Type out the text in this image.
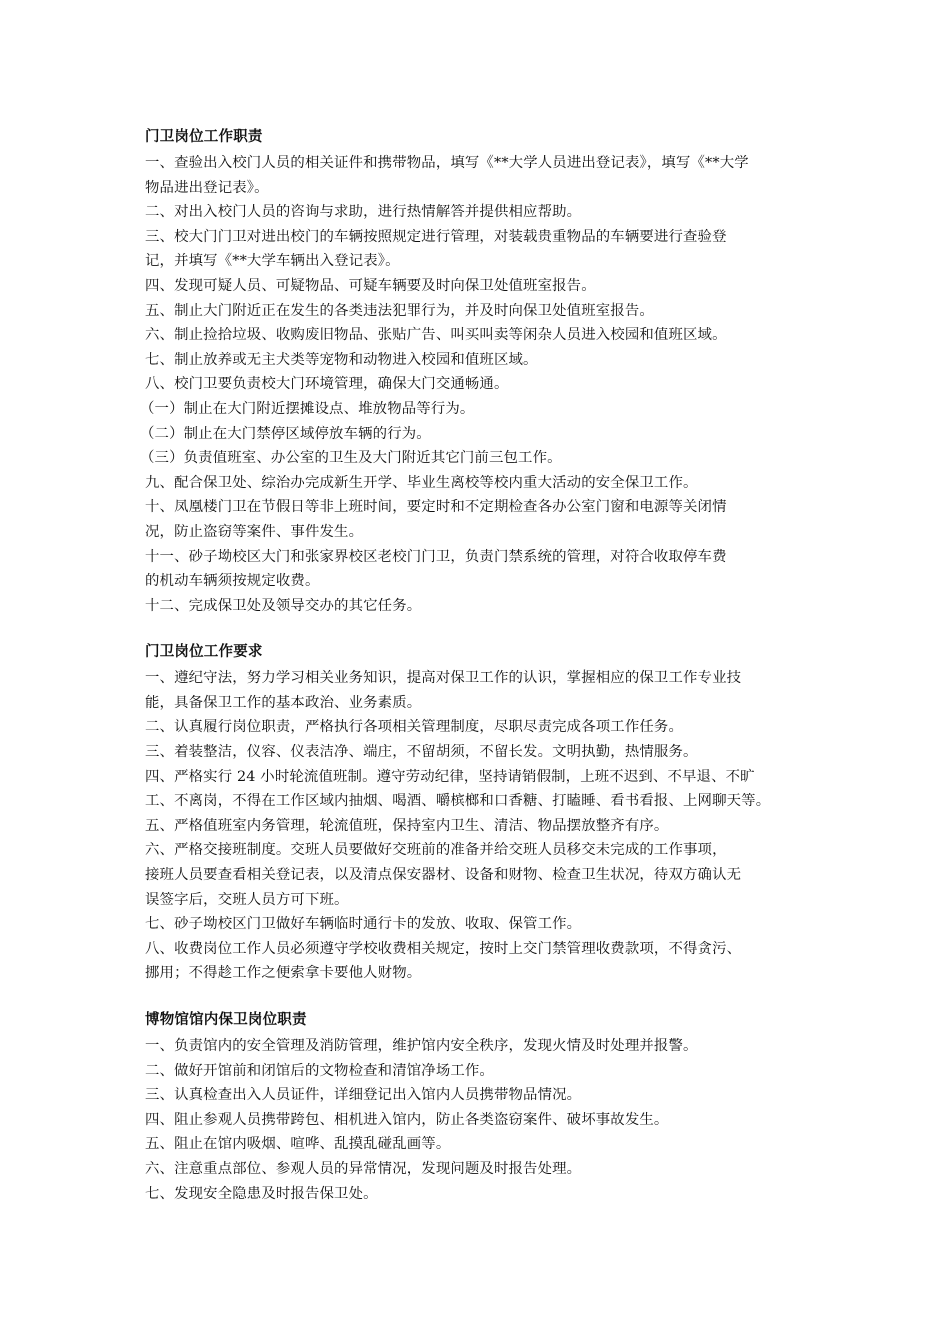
门卫岗位工作职责
一、查验出入校门人员的相关证件和携带物品，填写《**大学人员进出登记表》，填写《**大学
物品进出登记表》。
二、对出入校门人员的咨询与求助，进行热情解答并提供相应帮助。
三、校大门门卫对进出校门的车辆按照规定进行管理，对装载贵重物品的车辆要进行查验登
记，并填写《**大学车辆出入登记表》。
四、发现可疑人员、可疑物品、可疑车辆要及时向保卫处值班室报告。
五、制止大门附近正在发生的各类违法犯罪行为，并及时向保卫处值班室报告。
六、制止捡拾垃圾、收购废旧物品、张贴广告、叫买叫卖等闲杂人员进入校园和值班区域。
七、制止放养或无主犬类等宠物和动物进入校园和值班区域。
八、校门卫要负责校大门环境管理，确保大门交通畅通。
（一）制止在大门附近摆摊设点、堆放物品等行为。
（二）制止在大门禁停区域停放车辆的行为。
（三）负责值班室、办公室的卫生及大门附近其它门前三包工作。
九、配合保卫处、综治办完成新生开学、毕业生离校等校内重大活动的安全保卫工作。
十、凤凰楼门卫在节假日等非上班时间，要定时和不定期检查各办公室门窗和电源等关闭情
况，防止盗窃等案件、事件发生。
十一、砂子坳校区大门和张家界校区老校门门卫，负责门禁系统的管理，对符合收取停车费
的机动车辆须按规定收费。
十二、完成保卫处及领导交办的其它任务。
门卫岗位工作要求
一、遵纪守法，努力学习相关业务知识，提高对保卫工作的认识，掌握相应的保卫工作专业技
能，具备保卫工作的基本政治、业务素质。
二、认真履行岗位职责，严格执行各项相关管理制度，尽职尽责完成各项工作任务。
三、着装整洁，仪容、仪表洁净、端庄，不留胡须，不留长发。文明执勤，热情服务。
四、严格实行 24 小时轮流值班制。遵守劳动纪律，坚持请销假制，上班不迟到、不早退、不旷
工、不离岗，不得在工作区域内抽烟、喝酒、嚼槟榔和口香糖、打瞌睡、看书看报、上网聊天等。
五、严格值班室内务管理，轮流值班，保持室内卫生、清洁、物品摆放整齐有序。
六、严格交接班制度。交班人员要做好交班前的准备并给交班人员移交未完成的工作事项，
接班人员要查看相关登记表，以及清点保安器材、设备和财物、检查卫生状况，待双方确认无
误签字后，交班人员方可下班。
七、砂子坳校区门卫做好车辆临时通行卡的发放、收取、保管工作。
八、收费岗位工作人员必须遵守学校收费相关规定，按时上交门禁管理收费款项，不得贪污、
挪用；不得趁工作之便索拿卡要他人财物。
博物馆馆内保卫岗位职责
一、负责馆内的安全管理及消防管理，维护馆内安全秩序，发现火情及时处理并报警。
二、做好开馆前和闭馆后的文物检查和清馆净场工作。
三、认真检查出入人员证件，详细登记出入馆内人员携带物品情况。
四、阻止参观人员携带跨包、相机进入馆内，防止各类盗窃案件、破坏事故发生。
五、阻止在馆内吸烟、喧哗、乱摸乱碰乱画等。
六、注意重点部位、参观人员的异常情况，发现问题及时报告处理。
七、发现安全隐患及时报告保卫处。
